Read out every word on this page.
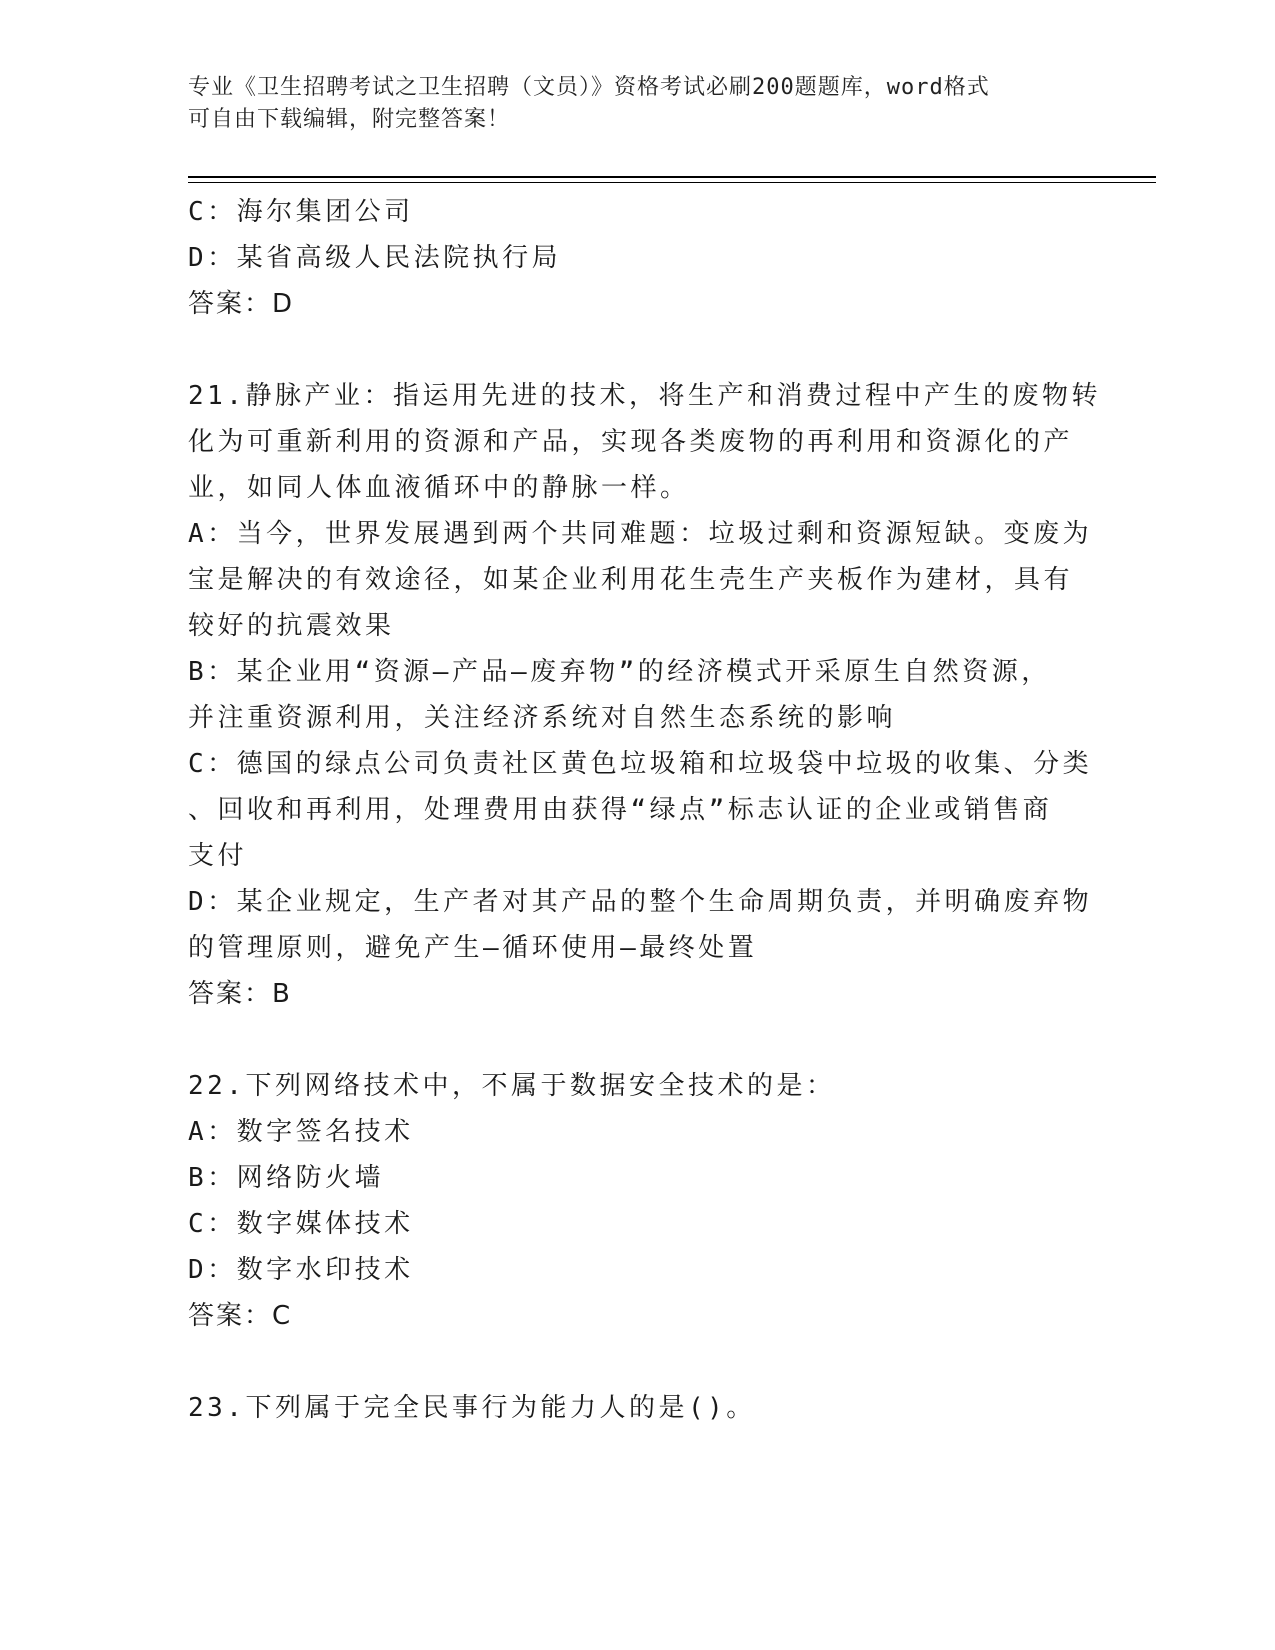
专业《卫生招聘考试之卫生招聘（文员）》资格考试必刷200题题库，word格式
可自由下载编辑，附完整答案！
C：海尔集团公司
D：某省高级人民法院执行局
答案：D
21.静脉产业：指运用先进的技术，将生产和消费过程中产生的废物转
化为可重新利用的资源和产品，实现各类废物的再利用和资源化的产
业，如同人体血液循环中的静脉一样。
A：当今，世界发展遇到两个共同难题：垃圾过剩和资源短缺。变废为
宝是解决的有效途径，如某企业利用花生壳生产夹板作为建材，具有
较好的抗震效果
B：某企业用“资源—产品—废弃物”的经济模式开采原生自然资源，
并注重资源利用，关注经济系统对自然生态系统的影响
C：德国的绿点公司负责社区黄色垃圾箱和垃圾袋中垃圾的收集、分类
、回收和再利用，处理费用由获得“绿点”标志认证的企业或销售商
支付
D：某企业规定，生产者对其产品的整个生命周期负责，并明确废弃物
的管理原则，避免产生—循环使用—最终处置
答案：B
22.下列网络技术中，不属于数据安全技术的是：
A：数字签名技术
B：网络防火墙
C：数字媒体技术
D：数字水印技术
答案：C
23.下列属于完全民事行为能力人的是()。
